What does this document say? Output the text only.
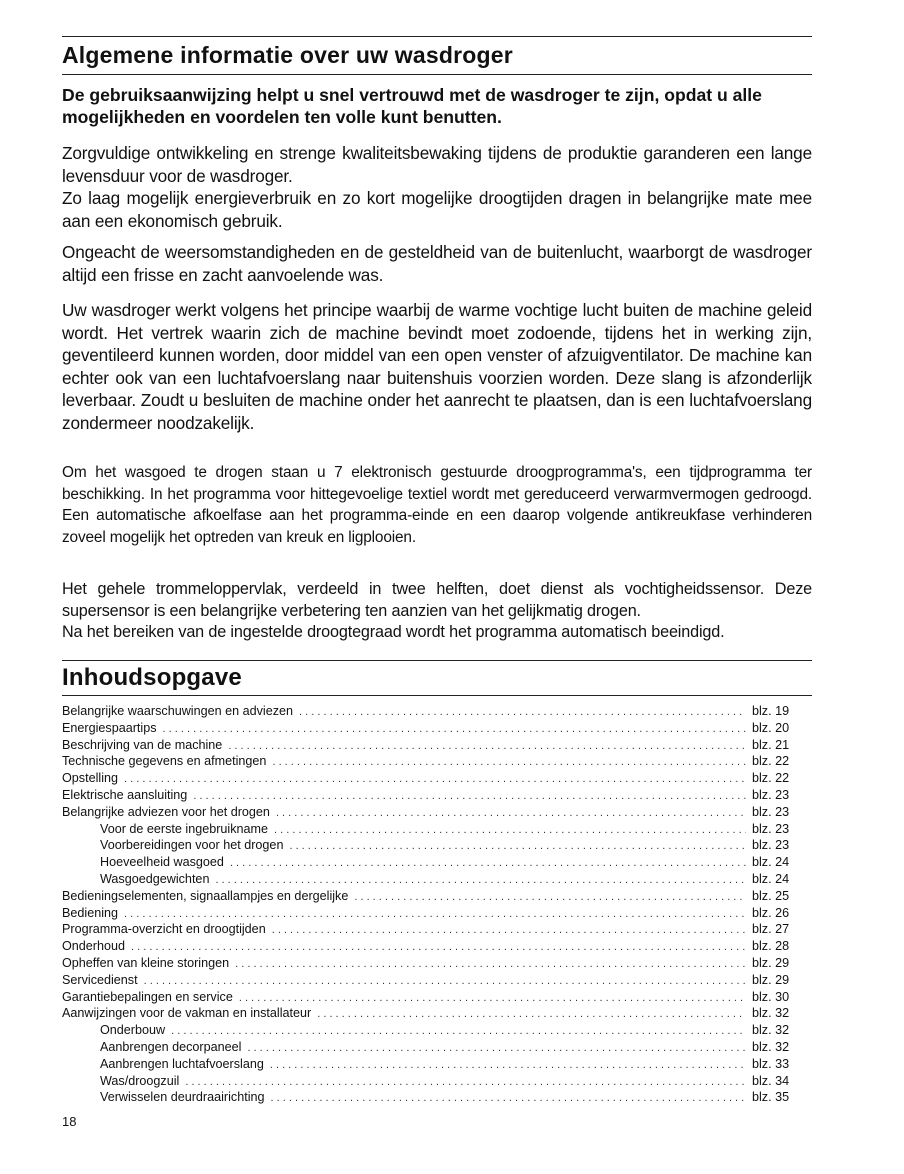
Algemene informatie over uw wasdroger
De gebruiksaanwijzing helpt u snel vertrouwd met de wasdroger te zijn, opdat u alle mogelijkheden en voordelen ten volle kunt benutten.
Zorgvuldige ontwikkeling en strenge kwaliteitsbewaking tijdens de produktie garanderen een lange levensduur voor de wasdroger.
Zo laag mogelijk energieverbruik en zo kort mogelijke droogtijden dragen in belangrijke mate mee aan een ekonomisch gebruik.
Ongeacht de weersomstandigheden en de gesteldheid van de buitenlucht, waarborgt de wasdroger altijd een frisse en zacht aanvoelende was.
Uw wasdroger werkt volgens het principe waarbij de warme vochtige lucht buiten de machine geleid wordt. Het vertrek waarin zich de machine bevindt moet zodoende, tijdens het in werking zijn, geventileerd kunnen worden, door middel van een open venster of afzuigventilator. De machine kan echter ook van een luchtafvoerslang naar buitenshuis voorzien worden. Deze slang is afzonderlijk leverbaar. Zoudt u besluiten de machine onder het aanrecht te plaatsen, dan is een luchtafvoerslang zondermeer noodzakelijk.
Om het wasgoed te drogen staan u 7 elektronisch gestuurde droogprogramma's, een tijdprogramma ter beschikking. In het programma voor hittegevoelige textiel wordt met gereduceerd verwarmvermogen gedroogd. Een automatische afkoelfase aan het programma-einde en een daarop volgende antikreukfase verhinderen zoveel mogelijk het optreden van kreuk en ligplooien.
Het gehele trommeloppervlak, verdeeld in twee helften, doet dienst als vochtigheidssensor. Deze supersensor is een belangrijke verbetering ten aanzien van het gelijkmatig drogen.
Na het bereiken van de ingestelde droogtegraad wordt het programma automatisch beeindigd.
Inhoudsopgave
Belangrijke waarschuwingen en adviezen . . .	blz. 19
Energiespaartips . . .	blz. 20
Beschrijving van de machine . . .	blz. 21
Technische gegevens en afmetingen . . .	blz. 22
Opstelling . . .	blz. 22
Elektrische aansluiting . . .	blz. 23
Belangrijke adviezen voor het drogen . . .	blz. 23
Voor de eerste ingebruikname . . .	blz. 23
Voorbereidingen voor het drogen . . .	blz. 23
Hoeveelheid wasgoed . . .	blz. 24
Wasgoedgewichten . . .	blz. 24
Bedieningselementen, signaallampjes en dergelijke . . .	blz. 25
Bediening . . .	blz. 26
Programma-overzicht en droogtijden . . .	blz. 27
Onderhoud . . .	blz. 28
Opheffen van kleine storingen . . .	blz. 29
Servicedienst . . .	blz. 29
Garantiebepalingen en service . . .	blz. 30
Aanwijzingen voor de vakman en installateur . . .	blz. 32
Onderbouw . . .	blz. 32
Aanbrengen decorpaneel . . .	blz. 32
Aanbrengen luchtafvoerslang . . .	blz. 33
Was/droogzuil . . .	blz. 34
Verwisselen deurdraairichting . . .	blz. 35
18
